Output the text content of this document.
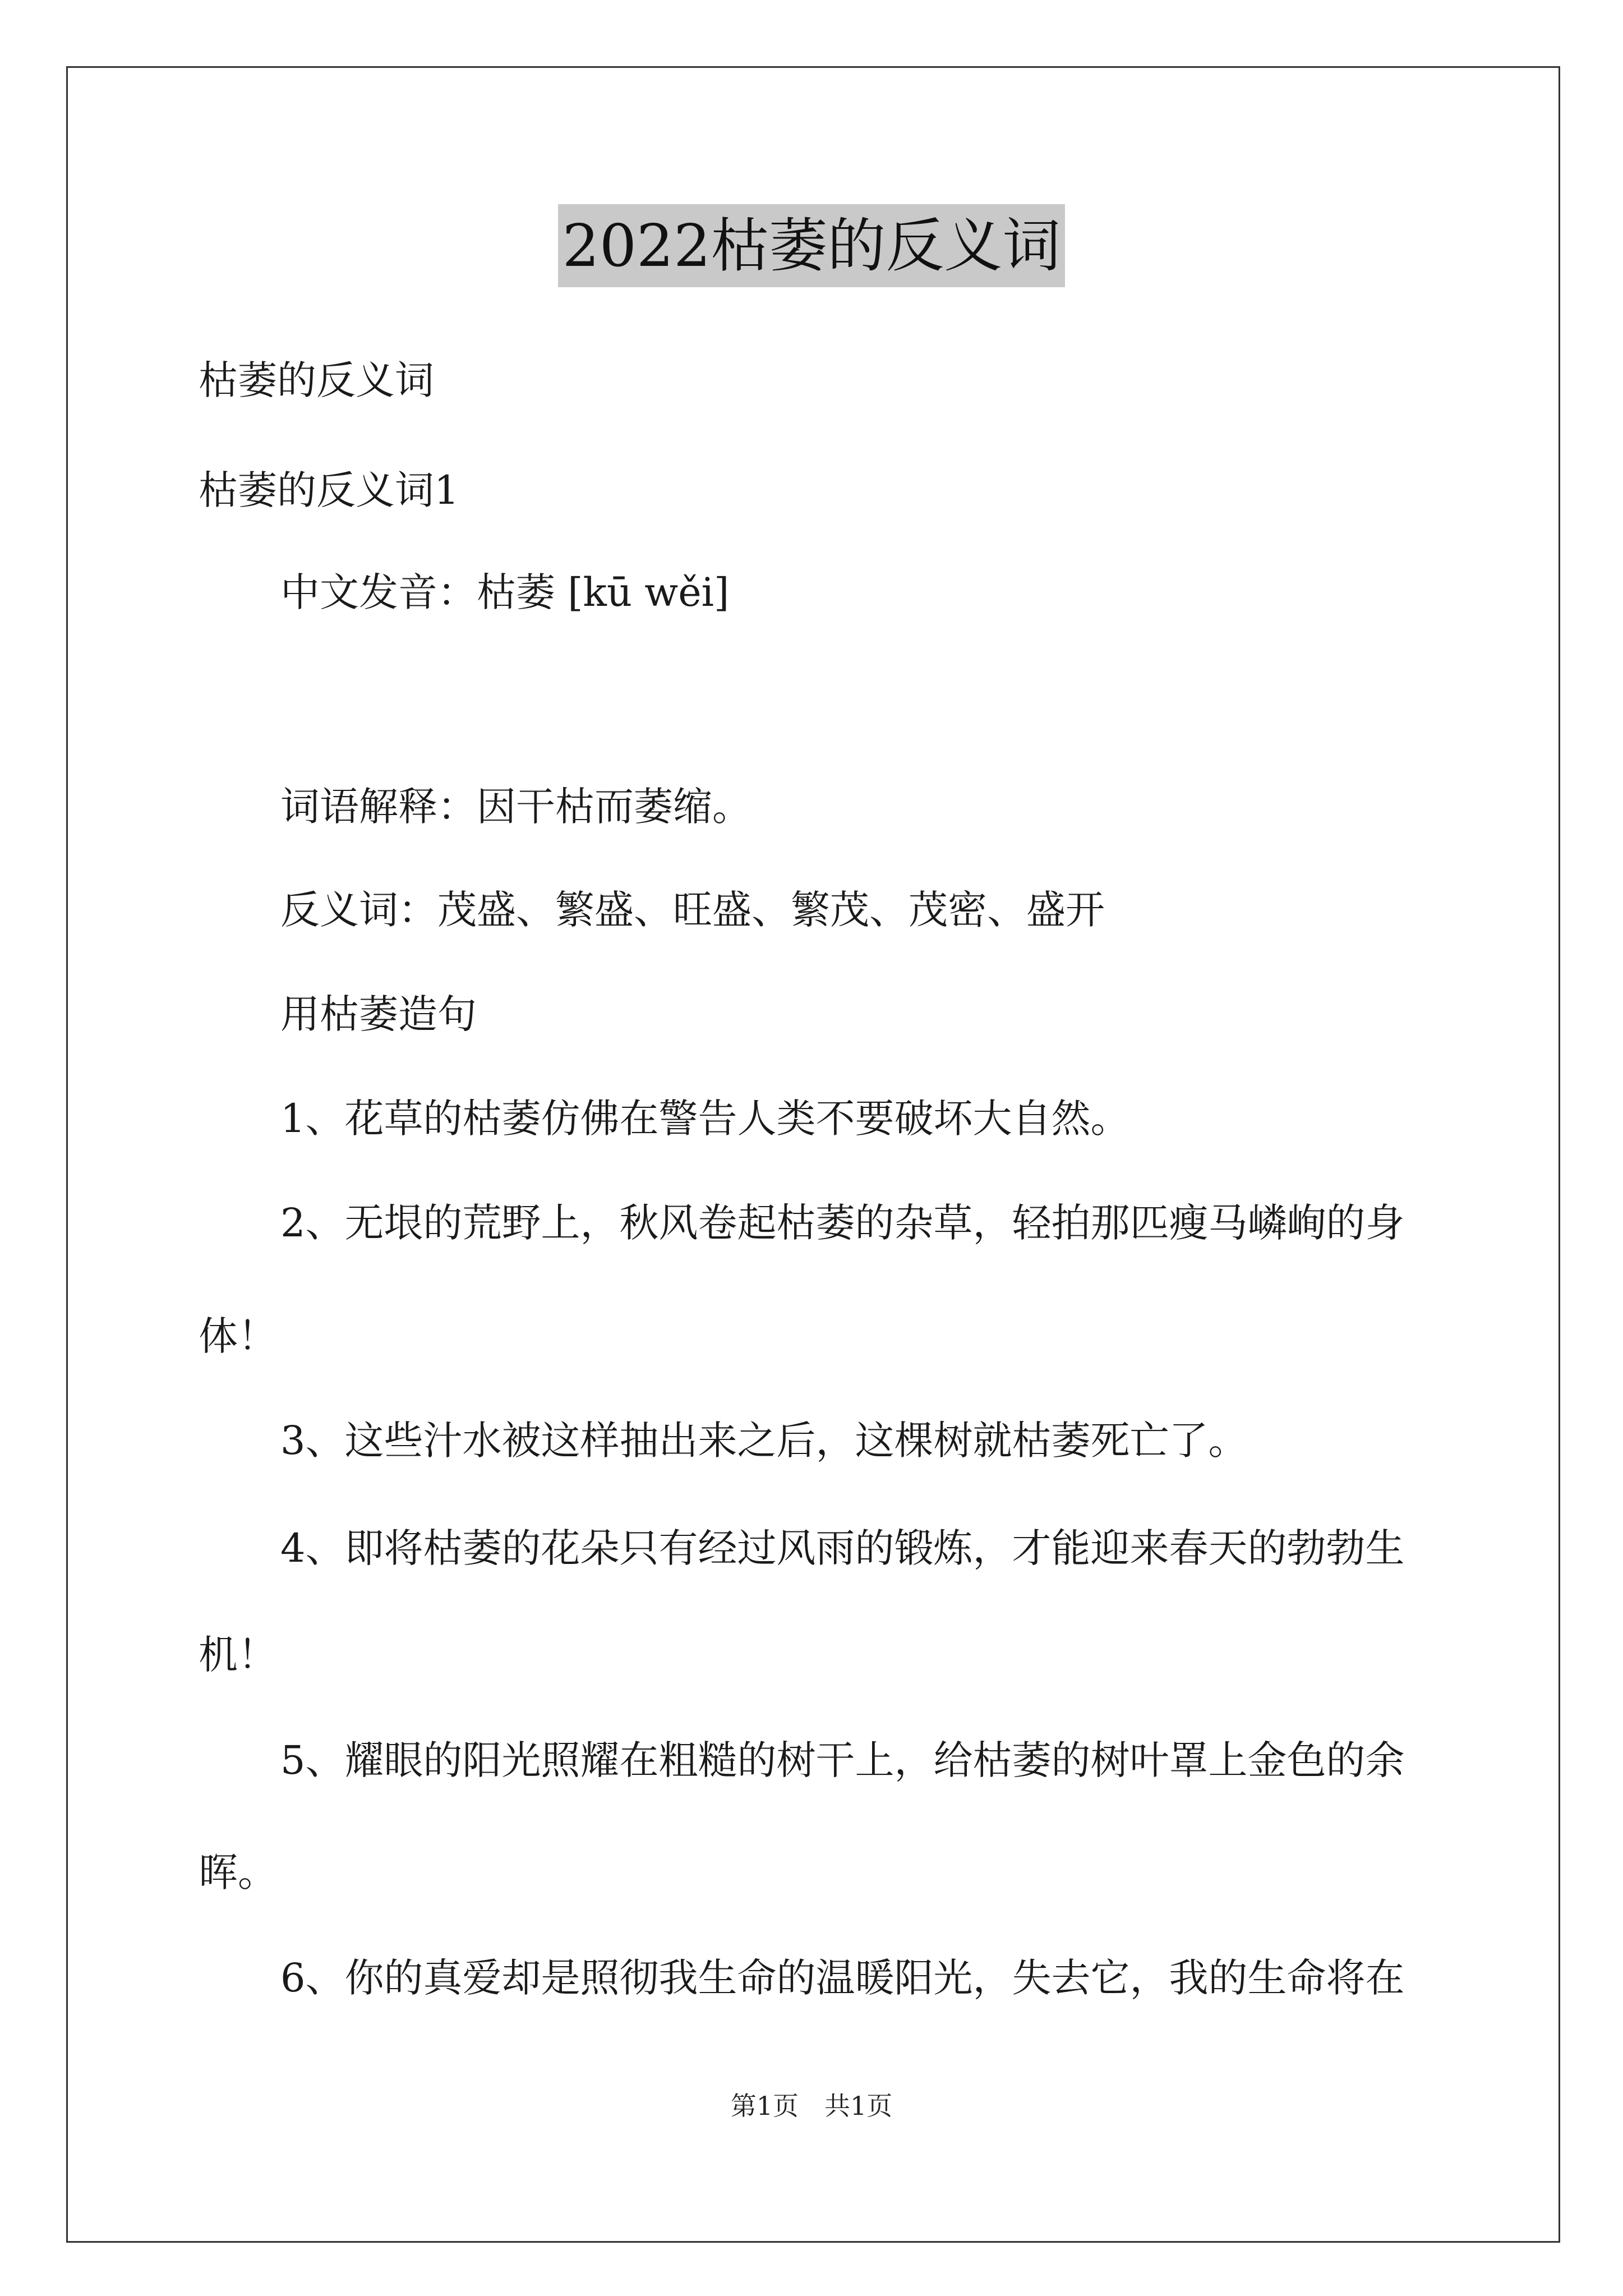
2022枯萎的反义词
枯萎的反义词
枯萎的反义词1
中文发音：枯萎 [kū wěi]
词语解释：因干枯而萎缩。
反义词：茂盛、繁盛、旺盛、繁茂、茂密、盛开
用枯萎造句
1、花草的枯萎仿佛在警告人类不要破坏大自然。
2、无垠的荒野上，秋风卷起枯萎的杂草，轻拍那匹瘦马嶙峋的身
体！
3、这些汁水被这样抽出来之后，这棵树就枯萎死亡了。
4、即将枯萎的花朵只有经过风雨的锻炼，才能迎来春天的勃勃生
机！
5、耀眼的阳光照耀在粗糙的树干上，给枯萎的树叶罩上金色的余
晖。
6、你的真爱却是照彻我生命的温暖阳光，失去它，我的生命将在
第1页　共1页
